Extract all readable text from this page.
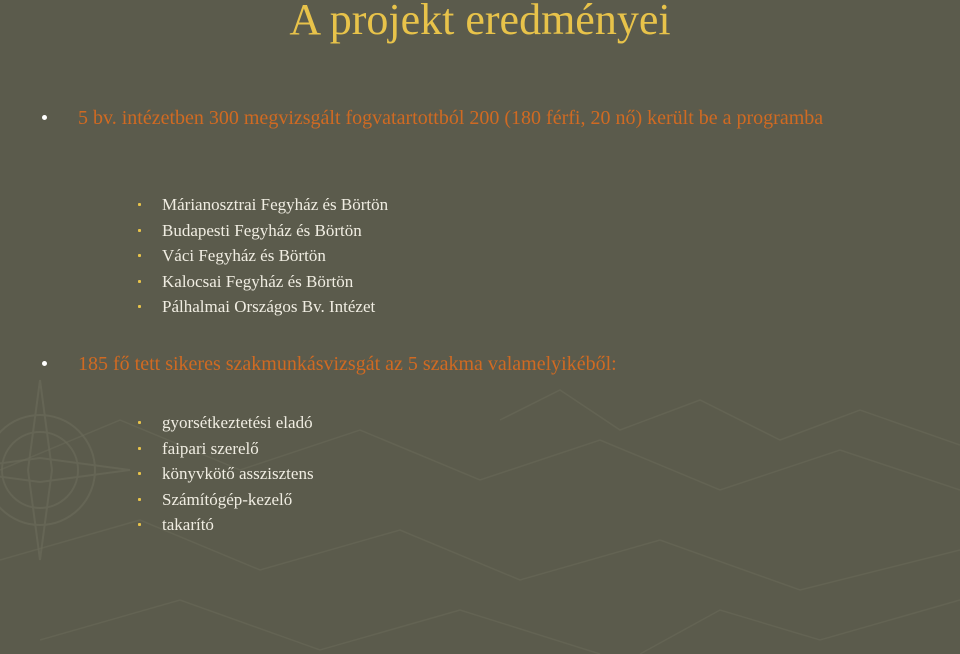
A projekt eredményei
5 bv. intézetben 300 megvizsgált fogvatartottból 200 (180 férfi, 20 nő) került be a programba
Márianosztrai Fegyház és Börtön
Budapesti Fegyház és Börtön
Váci Fegyház és Börtön
Kalocsai Fegyház és Börtön
Pálhalmai Országos Bv. Intézet
185 fő tett sikeres szakmunkásvizsgát az 5 szakma valamelyikéből:
gyorsétkeztetési eladó
faipari szerelő
könyvkötő asszisztens
Számítógép-kezelő
takarító
